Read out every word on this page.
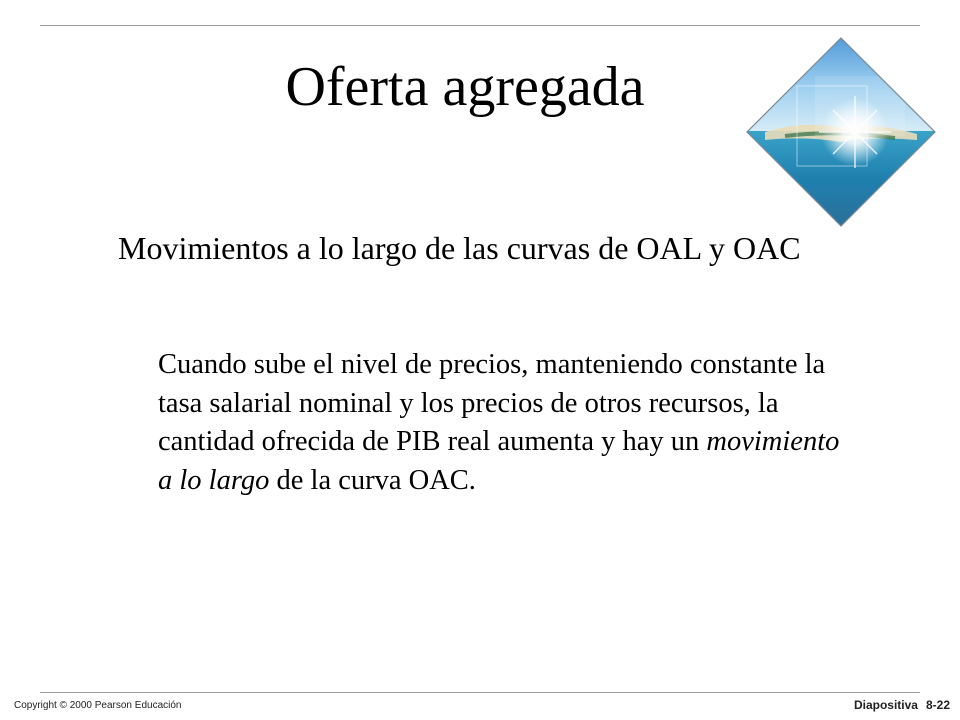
Oferta agregada

Movimientos a lo largo de las curvas de OAL y OAC

Cuando sube el nivel de precios, manteniendo constante la tasa salarial nominal y los precios de otros recursos, la cantidad ofrecida de PIB real aumenta y hay un movimiento a lo largo de la curva OAC.

Copyright © 2000 Pearson Educación	Diapositiva 8-22
